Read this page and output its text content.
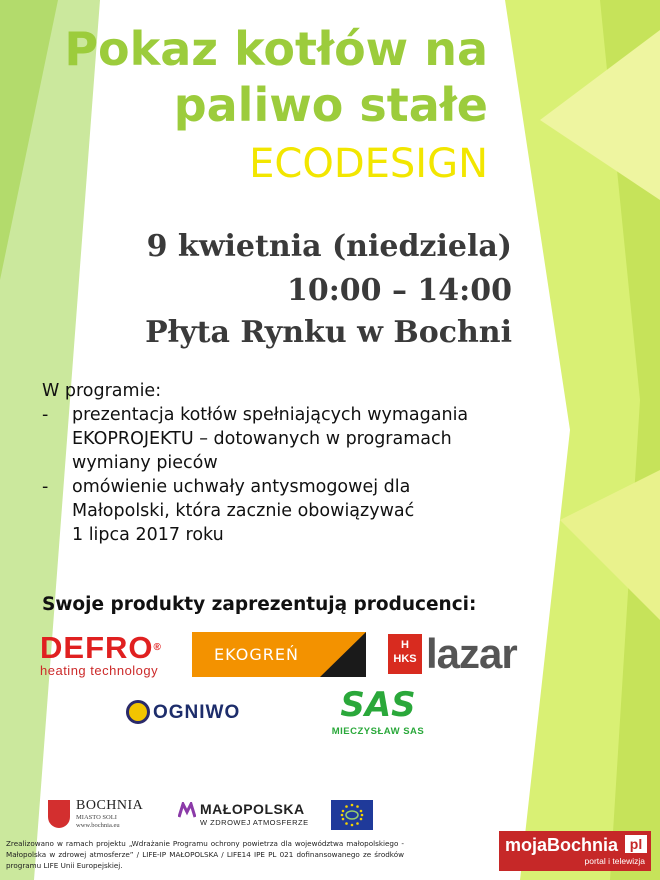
Pokaz kotłów na
paliwo stałe
ECODESIGN
9 kwietnia (niedziela)
10:00 – 14:00
Płyta Rynku w Bochni

W programie:

- prezentacja kotłów spełniających wymagania
EKOPROJEKTU – dotowanych w programach
wymiany pieców
- omówienie uchwały antysmogowej dla
Małopolski, która zacznie obowiązywać
1 lipca 2017 roku
Swoje produkty zaprezentują producenci:
DEFRO®
heating technology
EKOGREŃ	H
HKS lazar
OGNIWO	SAS
MIECZYSŁAW SAS
BOCHNIA
MIASTO SOLI
www.bochnia.eu
MAŁOPOLSKA
W ZDROWEJ ATMOSFERZE
Zrealizowano w ramach projektu „Wdrażanie Programu ochrony powietrza dla województwa małopolskiego - Małopolska w zdrowej atmosferze” / LIFE-IP MAŁOPOLSKA / LIFE14 IPE PL 021 dofinansowanego ze środków programu LIFE Unii Europejskiej.
mojaBochnia pl
portal i telewizja
